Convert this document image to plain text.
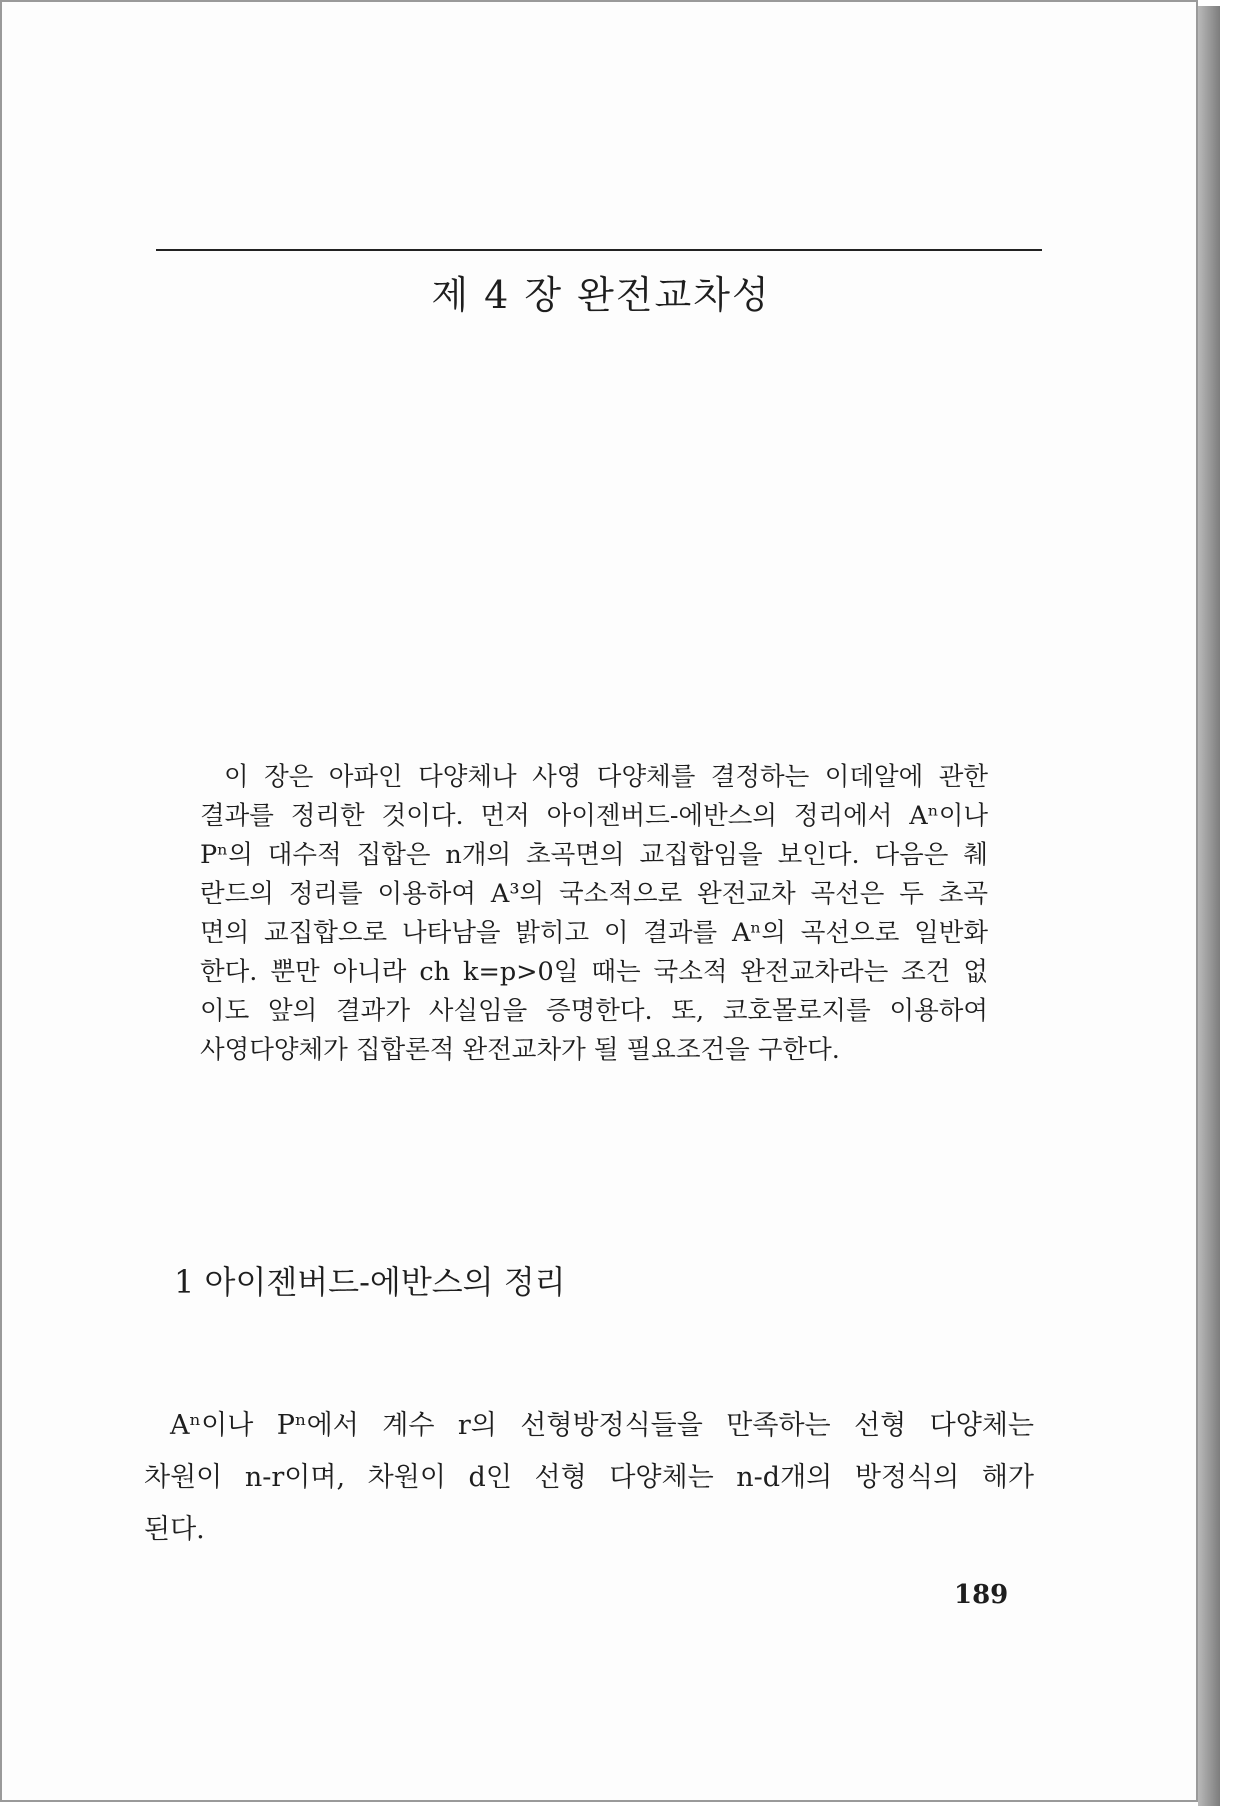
제 4 장 완전교차성
이 장은 아파인 다양체나 사영 다양체를 결정하는 이데알에 관한
결과를 정리한 것이다. 먼저 아이젠버드-에반스의 정리에서 Aⁿ이나
Pⁿ의 대수적 집합은 n개의 초곡면의 교집합임을 보인다. 다음은 췌
란드의 정리를 이용하여 A³의 국소적으로 완전교차 곡선은 두 초곡
면의 교집합으로 나타남을 밝히고 이 결과를 Aⁿ의 곡선으로 일반화
한다. 뿐만 아니라 ch k=p>0일 때는 국소적 완전교차라는 조건 없
이도 앞의 결과가 사실임을 증명한다. 또, 코호몰로지를 이용하여
사영다양체가 집합론적 완전교차가 될 필요조건을 구한다.
1 아이젠버드-에반스의 정리
Aⁿ이나 Pⁿ에서 계수 r의 선형방정식들을 만족하는 선형 다양체는
차원이 n-r이며, 차원이 d인 선형 다양체는 n-d개의 방정식의 해가
된다.
189
